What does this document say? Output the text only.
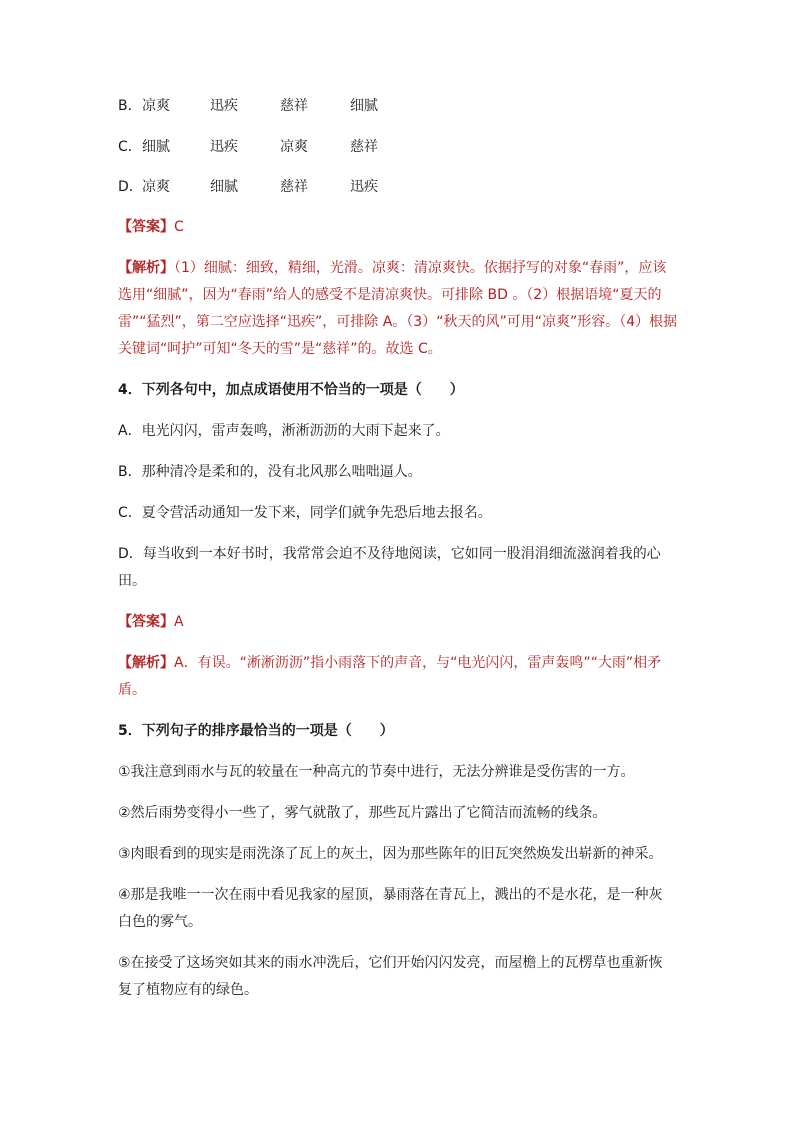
B． 凉爽	迅疾	慈祥	细腻
C． 细腻	迅疾	凉爽	慈祥
D． 凉爽	细腻	慈祥	迅疾
【答案】C
【解析】（1）细腻：细致，精细，光滑。凉爽：清凉爽快。依据抒写的对象“春雨”，应该
选用“细腻”，因为“春雨”给人的感受不是清凉爽快。可排除 BD 。（2）根据语境“夏天的
雷”“猛烈”，第二空应选择“迅疾”，可排除 A。（3）“秋天的风”可用“凉爽”形容。（4）根据
关键词“呵护”可知“冬天的雪”是“慈祥”的。故选 C。
4．下列各句中，加点成语使用不恰当的一项是（　　）
A．电光闪闪，雷声轰鸣，淅淅沥沥的大雨下起来了。
B．那种清冷是柔和的，没有北风那么咄咄逼人。
C．夏令营活动通知一发下来，同学们就争先恐后地去报名。
D．每当收到一本好书时，我常常会迫不及待地阅读，它如同一股涓涓细流滋润着我的心
田。
【答案】A
【解析】A．有误。“淅淅沥沥”指小雨落下的声音，与“电光闪闪，雷声轰鸣”“大雨”相矛
盾。
5．下列句子的排序最恰当的一项是（　　）
①我注意到雨水与瓦的较量在一种高亢的节奏中进行，无法分辨谁是受伤害的一方。
②然后雨势变得小一些了，雾气就散了，那些瓦片露出了它简洁而流畅的线条。
③肉眼看到的现实是雨洗涤了瓦上的灰土，因为那些陈年的旧瓦突然焕发出崭新的神采。
④那是我唯一一次在雨中看见我家的屋顶，暴雨落在青瓦上，溅出的不是水花，是一种灰
白色的雾气。
⑤在接受了这场突如其来的雨水冲洗后，它们开始闪闪发亮，而屋檐上的瓦楞草也重新恢
复了植物应有的绿色。
